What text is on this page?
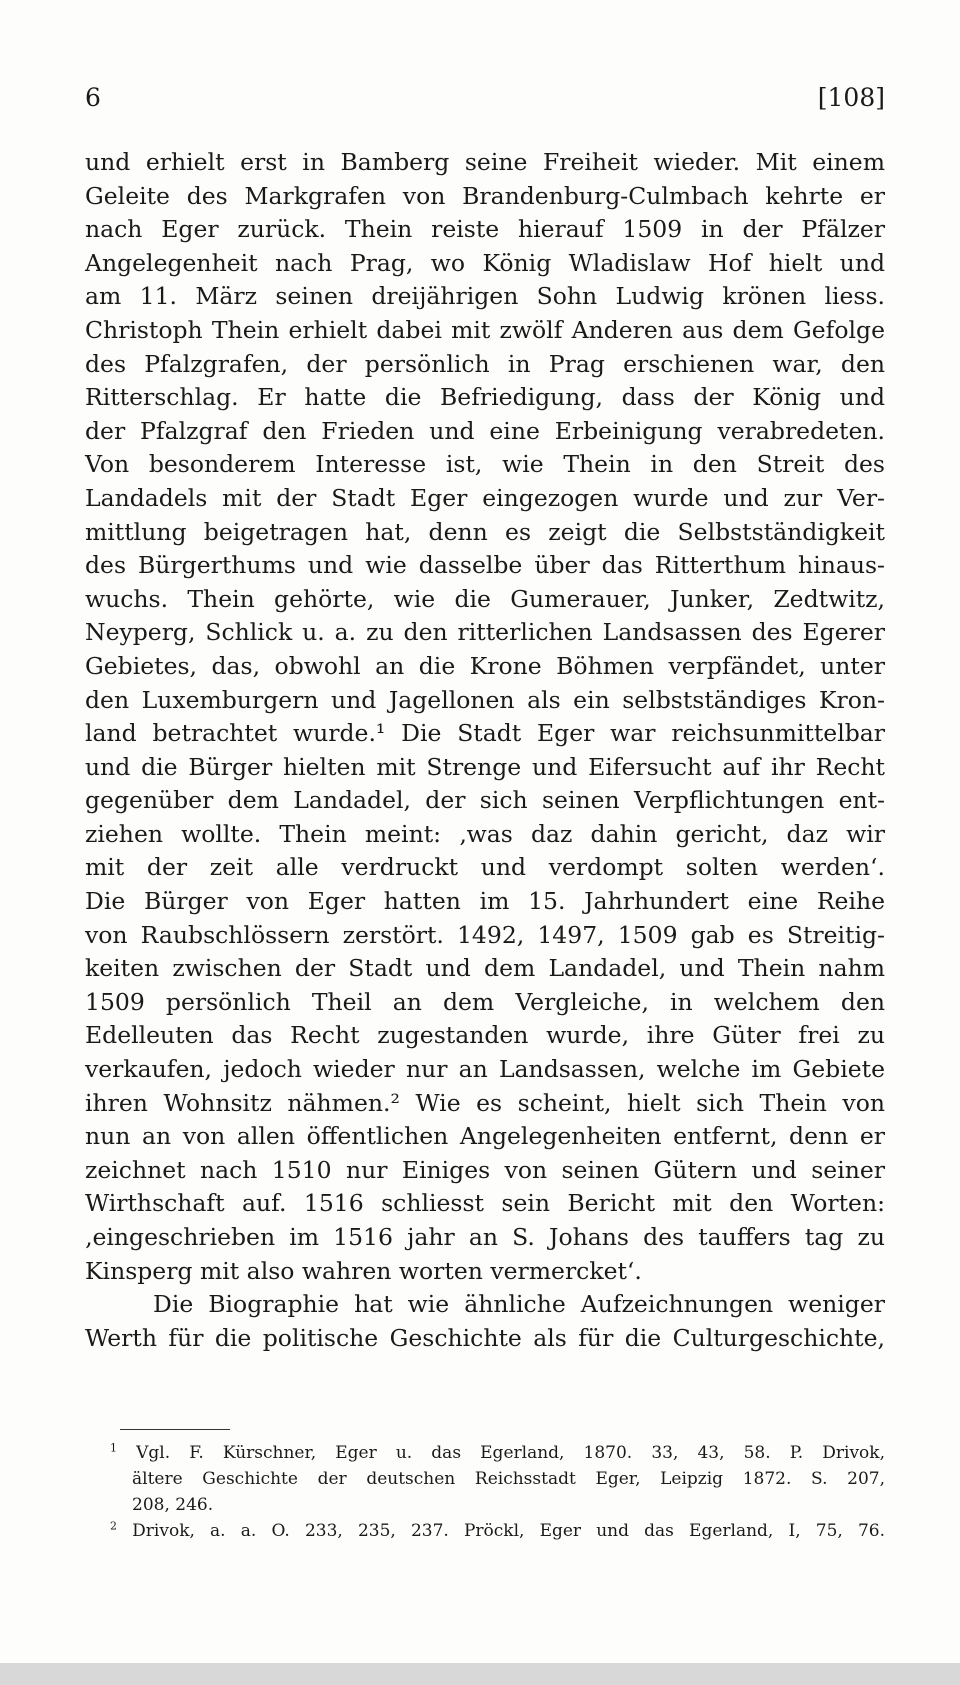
6	[108]
und erhielt erst in Bamberg seine Freiheit wieder. Mit einem
Geleite des Markgrafen von Brandenburg-Culmbach kehrte er
nach Eger zurück. Thein reiste hierauf 1509 in der Pfälzer
Angelegenheit nach Prag, wo König Wladislaw Hof hielt und
am 11. März seinen dreijährigen Sohn Ludwig krönen liess.
Christoph Thein erhielt dabei mit zwölf Anderen aus dem Gefolge
des Pfalzgrafen, der persönlich in Prag erschienen war, den
Ritterschlag. Er hatte die Befriedigung, dass der König und
der Pfalzgraf den Frieden und eine Erbeinigung verabredeten.
Von besonderem Interesse ist, wie Thein in den Streit des
Landadels mit der Stadt Eger eingezogen wurde und zur Ver-
mittlung beigetragen hat, denn es zeigt die Selbstständigkeit
des Bürgerthums und wie dasselbe über das Ritterthum hinaus-
wuchs. Thein gehörte, wie die Gumerauer, Junker, Zedtwitz,
Neyperg, Schlick u. a. zu den ritterlichen Landsassen des Egerer
Gebietes, das, obwohl an die Krone Böhmen verpfändet, unter
den Luxemburgern und Jagellonen als ein selbstständiges Kron-
land betrachtet wurde.¹ Die Stadt Eger war reichsunmittelbar
und die Bürger hielten mit Strenge und Eifersucht auf ihr Recht
gegenüber dem Landadel, der sich seinen Verpflichtungen ent-
ziehen wollte. Thein meint: ‚was daz dahin gericht, daz wir
mit der zeit alle verdruckt und verdompt solten werden‘.
Die Bürger von Eger hatten im 15. Jahrhundert eine Reihe
von Raubschlössern zerstört. 1492, 1497, 1509 gab es Streitig-
keiten zwischen der Stadt und dem Landadel, und Thein nahm
1509 persönlich Theil an dem Vergleiche, in welchem den
Edelleuten das Recht zugestanden wurde, ihre Güter frei zu
verkaufen, jedoch wieder nur an Landsassen, welche im Gebiete
ihren Wohnsitz nähmen.² Wie es scheint, hielt sich Thein von
nun an von allen öffentlichen Angelegenheiten entfernt, denn er
zeichnet nach 1510 nur Einiges von seinen Gütern und seiner
Wirthschaft auf. 1516 schliesst sein Bericht mit den Worten:
‚eingeschrieben im 1516 jahr an S. Johans des tauffers tag zu
Kinsperg mit also wahren worten vermercket‘.
Die Biographie hat wie ähnliche Aufzeichnungen weniger
Werth für die politische Geschichte als für die Culturgeschichte,
$^1$ Vgl. F. Kürschner, Eger u. das Egerland, 1870. 33, 43, 58. P. Drivok,
ältere Geschichte der deutschen Reichsstadt Eger, Leipzig 1872. S. 207,
208, 246.
$^2$ Drivok, a. a. O. 233, 235, 237. Pröckl, Eger und das Egerland, I, 75, 76.
